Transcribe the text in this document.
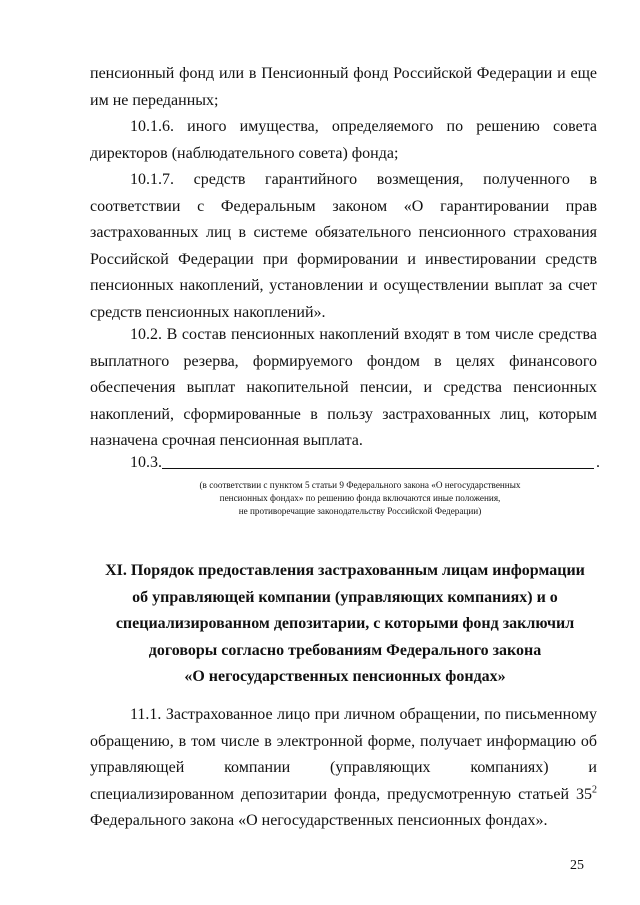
пенсионный фонд или в Пенсионный фонд Российской Федерации и еще им не переданных;

10.1.6. иного имущества, определяемого по решению совета директоров (наблюдательного совета) фонда;

10.1.7. средств гарантийного возмещения, полученного в соответствии с Федеральным законом «О гарантировании прав застрахованных лиц в системе обязательного пенсионного страхования Российской Федерации при формировании и инвестировании средств пенсионных накоплений, установлении и осуществлении выплат за счет средств пенсионных накоплений».

10.2. В состав пенсионных накоплений входят в том числе средства выплатного резерва, формируемого фондом в целях финансового обеспечения выплат накопительной пенсии, и средства пенсионных накоплений, сформированные в пользу застрахованных лиц, которым назначена срочная пенсионная выплата.

10.3.	.
(в соответствии с пунктом 5 статьи 9 Федерального закона «О негосударственных
пенсионных фондах» по решению фонда включаются иные положения,
не противоречащие законодательству Российской Федерации)
XI. Порядок предоставления застрахованным лицам информации
об управляющей компании (управляющих компаниях) и о
специализированном депозитарии, с которыми фонд заключил
договоры согласно требованиям Федерального закона
«О негосударственных пенсионных фондах»

11.1. Застрахованное лицо при личном обращении, по письменному обращению, в том числе в электронной форме, получает информацию об управляющей компании (управляющих компаниях) и специализированном депозитарии фонда, предусмотренную статьей $35^2$ Федерального закона «О негосударственных пенсионных фондах».

25
